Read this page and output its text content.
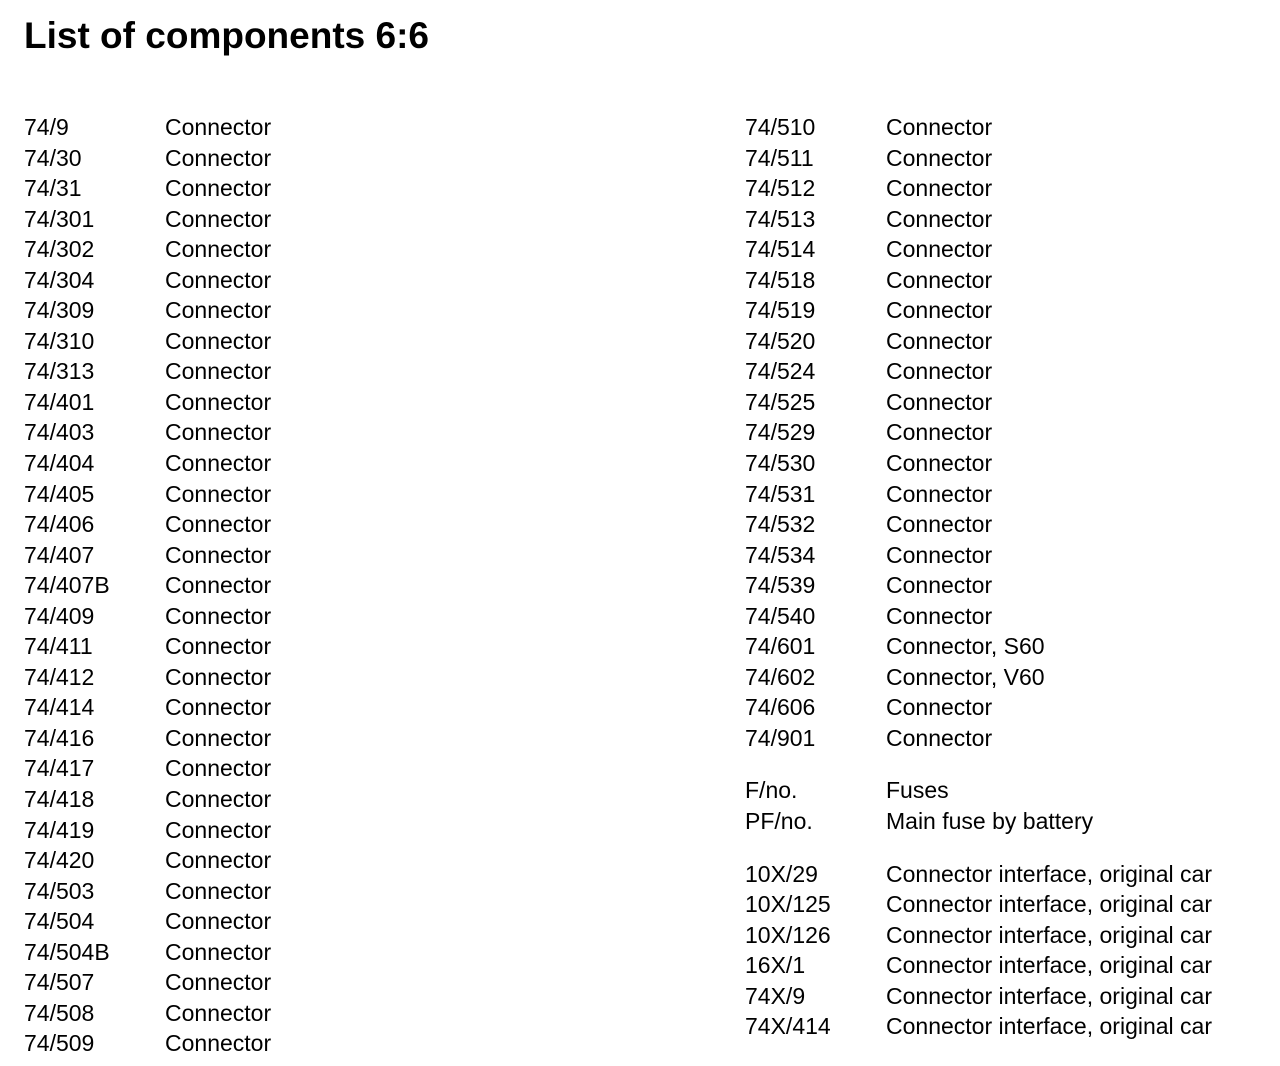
List of components 6:6
74/9	Connector
74/30	Connector
74/31	Connector
74/301	Connector
74/302	Connector
74/304	Connector
74/309	Connector
74/310	Connector
74/313	Connector
74/401	Connector
74/403	Connector
74/404	Connector
74/405	Connector
74/406	Connector
74/407	Connector
74/407B	Connector
74/409	Connector
74/411	Connector
74/412	Connector
74/414	Connector
74/416	Connector
74/417	Connector
74/418	Connector
74/419	Connector
74/420	Connector
74/503	Connector
74/504	Connector
74/504B	Connector
74/507	Connector
74/508	Connector
74/509	Connector
74/510	Connector
74/511	Connector
74/512	Connector
74/513	Connector
74/514	Connector
74/518	Connector
74/519	Connector
74/520	Connector
74/524	Connector
74/525	Connector
74/529	Connector
74/530	Connector
74/531	Connector
74/532	Connector
74/534	Connector
74/539	Connector
74/540	Connector
74/601	Connector, S60
74/602	Connector, V60
74/606	Connector
74/901	Connector
F/no.	Fuses
PF/no.	Main fuse by battery
10X/29	Connector interface, original car
10X/125	Connector interface, original car
10X/126	Connector interface, original car
16X/1	Connector interface, original car
74X/9	Connector interface, original car
74X/414	Connector interface, original car
